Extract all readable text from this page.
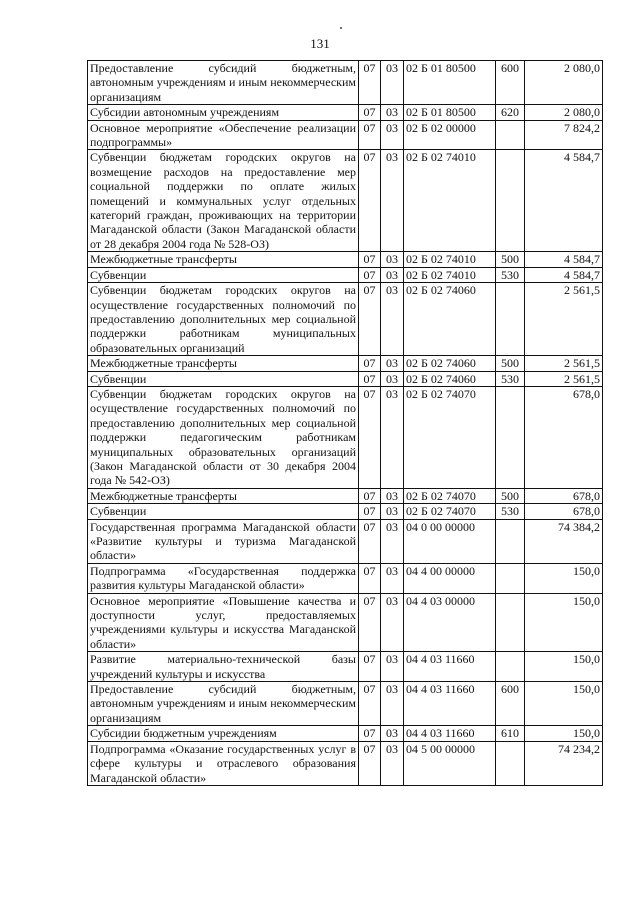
131
Предоставление субсидий бюджетным, автономным учреждениям и иным некоммерческим организациям	07	03	02 Б 01 80500	600	2 080,0
Субсидии автономным учреждениям	07	03	02 Б 01 80500	620	2 080,0
Основное мероприятие «Обеспечение реализации подпрограммы»	07	03	02 Б 02 00000		7 824,2
Субвенции бюджетам городских округов на возмещение расходов на предоставление мер социальной поддержки по оплате жилых помещений и коммунальных услуг отдельных категорий граждан, проживающих на территории Магаданской области (Закон Магаданской области от 28 декабря 2004 года № 528-ОЗ)	07	03	02 Б 02 74010		4 584,7
Межбюджетные трансферты	07	03	02 Б 02 74010	500	4 584,7
Субвенции	07	03	02 Б 02 74010	530	4 584,7
Субвенции бюджетам городских округов на осуществление государственных полномочий по предоставлению дополнительных мер социальной поддержки работникам муниципальных образовательных организаций	07	03	02 Б 02 74060		2 561,5
Межбюджетные трансферты	07	03	02 Б 02 74060	500	2 561,5
Субвенции	07	03	02 Б 02 74060	530	2 561,5
Субвенции бюджетам городских округов на осуществление государственных полномочий по предоставлению дополнительных мер социальной поддержки педагогическим работникам муниципальных образовательных организаций (Закон Магаданской области от 30 декабря 2004 года № 542-ОЗ)	07	03	02 Б 02 74070		678,0
Межбюджетные трансферты	07	03	02 Б 02 74070	500	678,0
Субвенции	07	03	02 Б 02 74070	530	678,0
Государственная программа Магаданской области «Развитие культуры и туризма Магаданской области»	07	03	04 0 00 00000		74 384,2
Подпрограмма «Государственная поддержка развития культуры Магаданской области»	07	03	04 4 00 00000		150,0
Основное мероприятие «Повышение качества и доступности услуг, предоставляемых учреждениями культуры и искусства Магаданской области»	07	03	04 4 03 00000		150,0
Развитие материально-технической базы учреждений культуры и искусства	07	03	04 4 03 11660		150,0
Предоставление субсидий бюджетным, автономным учреждениям и иным некоммерческим организациям	07	03	04 4 03 11660	600	150,0
Субсидии бюджетным учреждениям	07	03	04 4 03 11660	610	150,0
Подпрограмма «Оказание государственных услуг в сфере культуры и отраслевого образования Магаданской области»	07	03	04 5 00 00000		74 234,2
